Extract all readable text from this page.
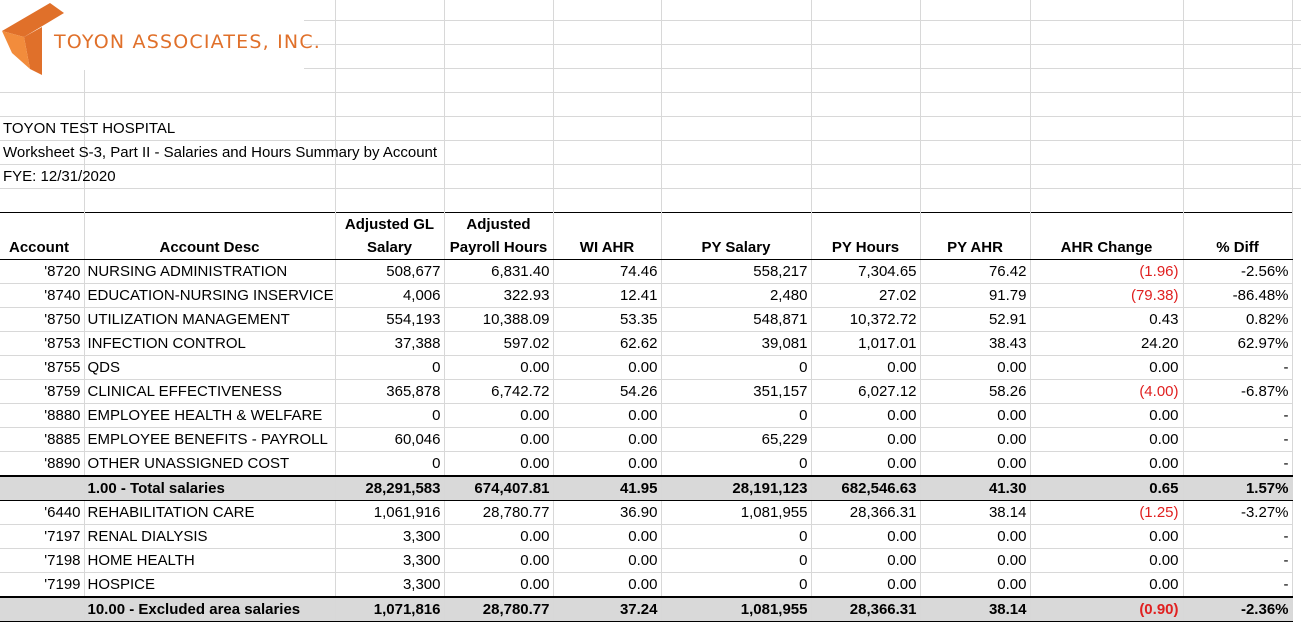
TOYON ASSOCIATES, INC.
TOYON TEST HOSPITAL
Worksheet S-3, Part II - Salaries and Hours Summary by Account
FYE: 12/31/2020
		Adjusted GL	Adjusted						
Account	Account Desc	Salary	Payroll Hours	WI AHR	PY Salary	PY Hours	PY AHR	AHR Change	% Diff
'8720	NURSING ADMINISTRATION	508,677	6,831.40	74.46	558,217	7,304.65	76.42	(1.96)	-2.56%
'8740	EDUCATION-NURSING INSERVICE	4,006	322.93	12.41	2,480	27.02	91.79	(79.38)	-86.48%
'8750	UTILIZATION MANAGEMENT	554,193	10,388.09	53.35	548,871	10,372.72	52.91	0.43	0.82%
'8753	INFECTION CONTROL	37,388	597.02	62.62	39,081	1,017.01	38.43	24.20	62.97%
'8755	QDS	0	0.00	0.00	0	0.00	0.00	0.00	-
'8759	CLINICAL EFFECTIVENESS	365,878	6,742.72	54.26	351,157	6,027.12	58.26	(4.00)	-6.87%
'8880	EMPLOYEE HEALTH & WELFARE	0	0.00	0.00	0	0.00	0.00	0.00	-
'8885	EMPLOYEE BENEFITS - PAYROLL	60,046	0.00	0.00	65,229	0.00	0.00	0.00	-
'8890	OTHER UNASSIGNED COST	0	0.00	0.00	0	0.00	0.00	0.00	-
	1.00 - Total salaries	28,291,583	674,407.81	41.95	28,191,123	682,546.63	41.30	0.65	1.57%
'6440	REHABILITATION CARE	1,061,916	28,780.77	36.90	1,081,955	28,366.31	38.14	(1.25)	-3.27%
'7197	RENAL DIALYSIS	3,300	0.00	0.00	0	0.00	0.00	0.00	-
'7198	HOME HEALTH	3,300	0.00	0.00	0	0.00	0.00	0.00	-
'7199	HOSPICE	3,300	0.00	0.00	0	0.00	0.00	0.00	-
	10.00 - Excluded area salaries	1,071,816	28,780.77	37.24	1,081,955	28,366.31	38.14	(0.90)	-2.36%
